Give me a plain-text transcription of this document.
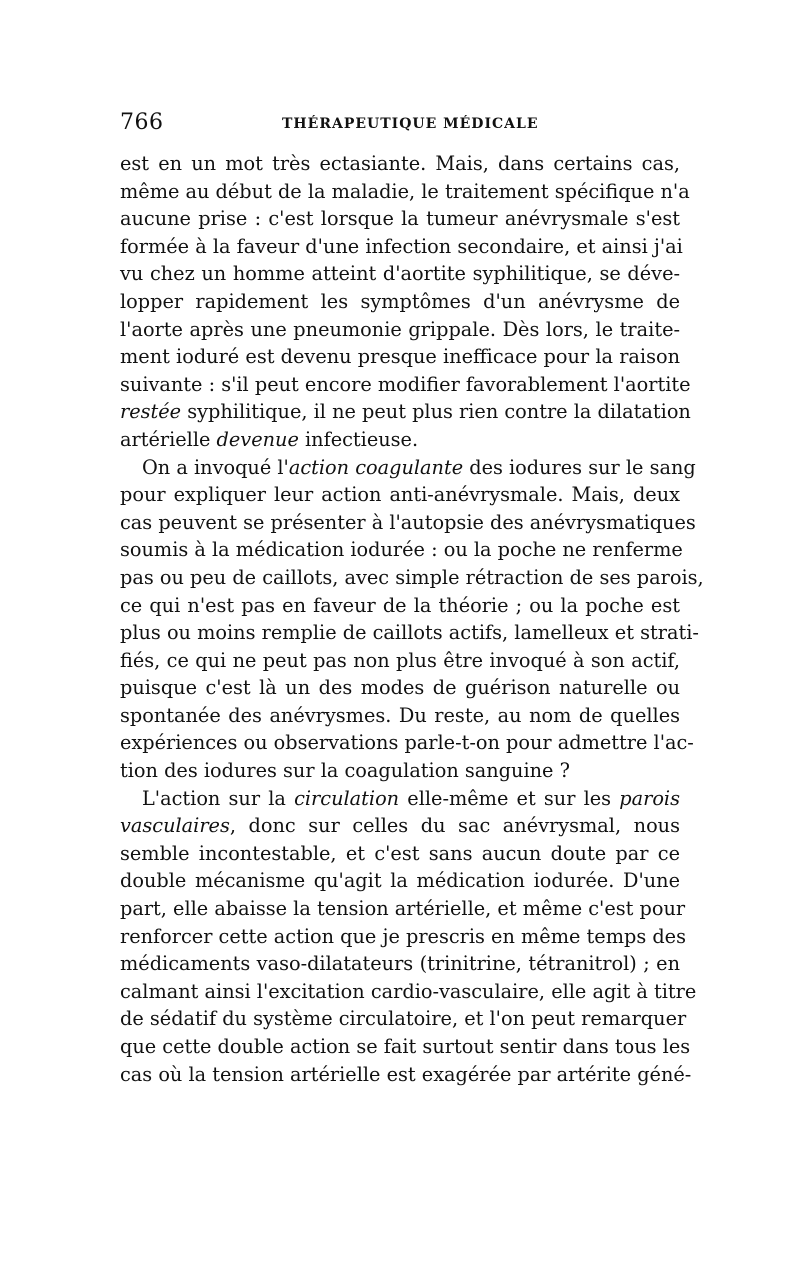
766	THÉRAPEUTIQUE MÉDICALE

est en un mot très ectasiante. Mais, dans certains cas,
même au début de la maladie, le traitement spécifique n'a
aucune prise : c'est lorsque la tumeur anévrysmale s'est
formée à la faveur d'une infection secondaire, et ainsi j'ai
vu chez un homme atteint d'aortite syphilitique, se déve-
lopper rapidement les symptômes d'un anévrysme de
l'aorte après une pneumonie grippale. Dès lors, le traite-
ment ioduré est devenu presque inefficace pour la raison
suivante : s'il peut encore modifier favorablement l'aortite
restée syphilitique, il ne peut plus rien contre la dilatation
artérielle devenue infectieuse.

On a invoqué l'action coagulante des iodures sur le sang
pour expliquer leur action anti-anévrysmale. Mais, deux
cas peuvent se présenter à l'autopsie des anévrysmatiques
soumis à la médication iodurée : ou la poche ne renferme
pas ou peu de caillots, avec simple rétraction de ses parois,
ce qui n'est pas en faveur de la théorie ; ou la poche est
plus ou moins remplie de caillots actifs, lamelleux et strati-
fiés, ce qui ne peut pas non plus être invoqué à son actif,
puisque c'est là un des modes de guérison naturelle ou
spontanée des anévrysmes. Du reste, au nom de quelles
expériences ou observations parle-t-on pour admettre l'ac-
tion des iodures sur la coagulation sanguine ?

L'action sur la circulation elle-même et sur les parois
vasculaires, donc sur celles du sac anévrysmal, nous
semble incontestable, et c'est sans aucun doute par ce
double mécanisme qu'agit la médication iodurée. D'une
part, elle abaisse la tension artérielle, et même c'est pour
renforcer cette action que je prescris en même temps des
médicaments vaso-dilatateurs (trinitrine, tétranitrol) ; en
calmant ainsi l'excitation cardio-vasculaire, elle agit à titre
de sédatif du système circulatoire, et l'on peut remarquer
que cette double action se fait surtout sentir dans tous les
cas où la tension artérielle est exagérée par artérite géné-
